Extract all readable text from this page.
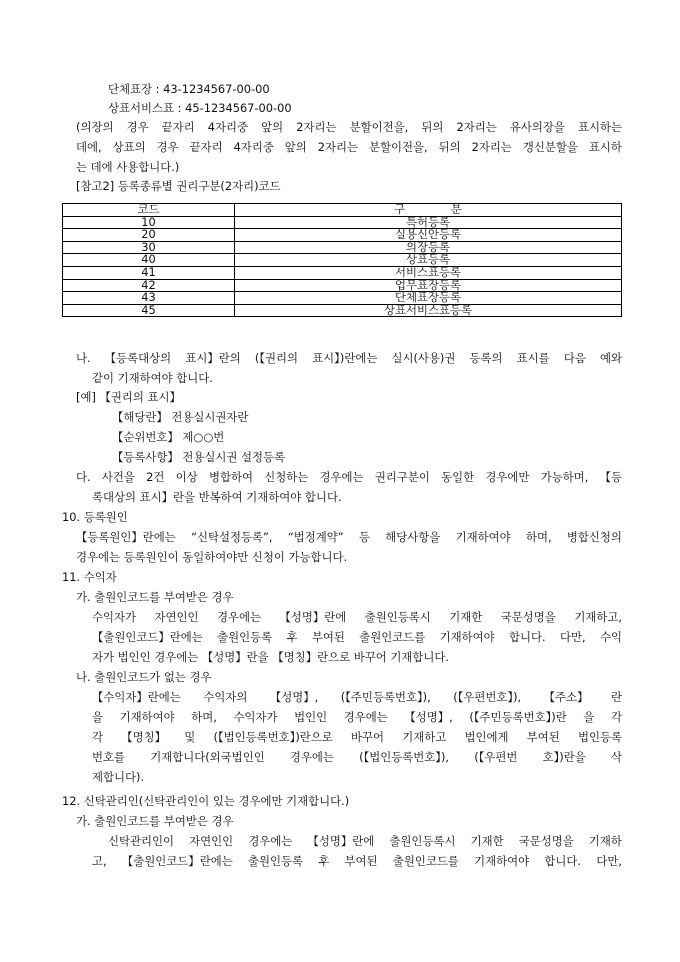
단체표장 : 43-1234567-00-00
상표서비스표 : 45-1234567-00-00
(의장의 경우 끝자리 4자리중 앞의 2자리는 분할이전을, 뒤의 2자리는 유사의장을 표시하는
데에, 상표의 경우 끝자리 4자리중 앞의 2자리는 분할이전을, 뒤의 2자리는 갱신분할을 표시하
는 데에 사용합니다.)
[참고2] 등록종류별 권리구분(2자리)코드
코드	구 분
10	특허등록
20	실용신안등록
30	의장등록
40	상표등록
41	서비스표등록
42	업무표장등록
43	단체표장등록
45	상표서비스표등록
나. 【등록대상의 표시】란의 (【권리의 표시】)란에는 실시(사용)권 등록의 표시를 다음 예와
같이 기재하여야 합니다.
[예] 【권리의 표시】
【해당란】 전용실시권자란
【순위번호】 제○○번
【등록사항】 전용실시권 설정등록
다. 사건을 2건 이상 병합하여 신청하는 경우에는 권리구분이 동일한 경우에만 가능하며, 【등
록대상의 표시】란을 반복하여 기재하여야 합니다.
10. 등록원인
【등록원인】란에는 “신탁설정등록”, “법정계약” 등 해당사항을 기재하여야 하며, 병합신청의
경우에는 등록원인이 동일하여야만 신청이 가능합니다.
11. 수익자
가. 출원인코드를 부여받은 경우
수익자가 자연인인 경우에는 【성명】란에 출원인등록시 기재한 국문성명을 기재하고,
【출원인코드】란에는 출원인등록 후 부여된 출원인코드를 기재하여야 합니다. 다만, 수익
자가 법인인 경우에는 【성명】란을 【명칭】란으로 바꾸어 기재합니다.
나. 출원인코드가 없는 경우
【수익자】란에는 수익자의 【성명】, (【주민등록번호】), (【우편번호】), 【주소】 란
을 기재하여야 하며, 수익자가 법인인 경우에는 【성명】, (【주민등록번호】)란 을 각
각 【명칭】 및 (【법인등록번호】)란으로 바꾸어 기재하고 법인에게 부여된 법인등록
번호를 기재합니다(외국법인인 경우에는 (【법인등록번호】), (【우편번 호】)란을 삭
제합니다).
12. 신탁관리인(신탁관리인이 있는 경우에만 기재합니다.)
가. 출원인코드를 부여받은 경우
신탁관리인이 자연인인 경우에는 【성명】란에 출원인등록시 기재한 국문성명을 기재하
고, 【출원인코드】란에는 출원인등록 후 부여된 출원인코드를 기재하여야 합니다. 다만,
